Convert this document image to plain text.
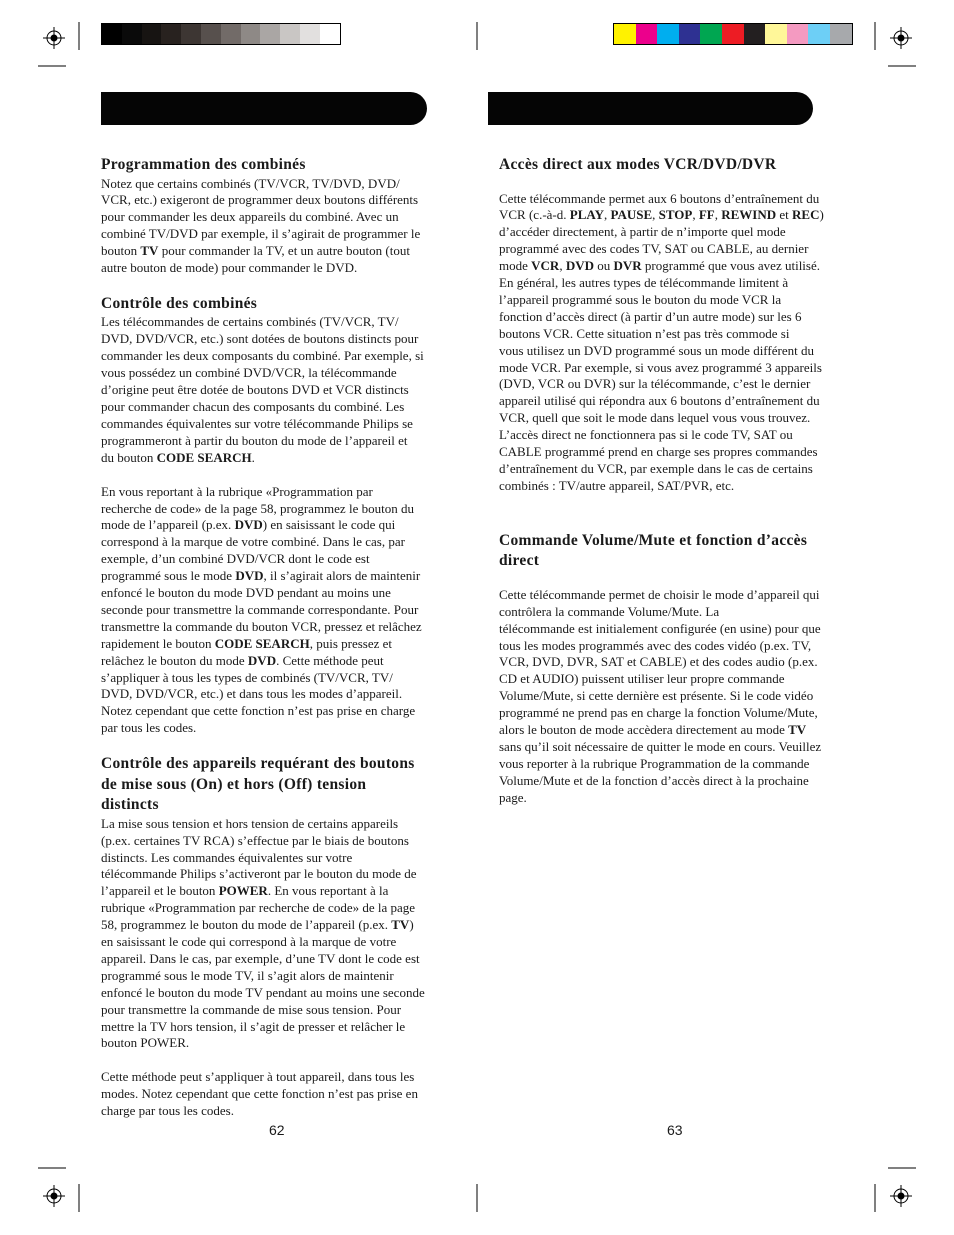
Programmation des combinés

Notez que certains combinés (TV/VCR, TV/DVD, DVD/

VCR, etc.) exigeront de programmer deux boutons différents

pour commander les deux appareils du combiné. Avec un

combiné TV/DVD par exemple, il s’agirait de programmer le

bouton TV pour commander la TV, et un autre bouton (tout

autre bouton de mode) pour commander le DVD.

Contrôle des combinés

Les télécommandes de certains combinés (TV/VCR, TV/

DVD, DVD/VCR, etc.) sont dotées de boutons distincts pour

commander les deux composants du combiné. Par exemple, si

vous possédez un combiné DVD/VCR, la télécommande

d’origine peut être dotée de boutons DVD et VCR distincts

pour commander chacun des composants du combiné. Les

commandes équivalentes sur votre télécommande Philips se

programmeront à partir du bouton du mode de l’appareil et

du bouton CODE SEARCH.

En vous reportant à la rubrique «Programmation par

recherche de code» de la page 58, programmez le bouton du

mode de l’appareil (p.ex. DVD) en saisissant le code qui

correspond à la marque de votre combiné. Dans le cas, par

exemple, d’un combiné DVD/VCR dont le code est

programmé sous le mode DVD, il s’agirait alors de maintenir

enfoncé le bouton du mode DVD pendant au moins une

seconde pour transmettre la commande correspondante. Pour

transmettre la commande du bouton VCR, pressez et relâchez

rapidement le bouton CODE SEARCH, puis pressez et

relâchez le bouton du mode DVD. Cette méthode peut

s’appliquer à tous les types de combinés (TV/VCR, TV/

DVD, DVD/VCR, etc.) et dans tous les modes d’appareil.

Notez cependant que cette fonction n’est pas prise en charge

par tous les codes.

Contrôle des appareils requérant des boutons
de mise sous (On) et hors (Off) tension
distincts

La mise sous tension et hors tension de certains appareils

(p.ex. certaines TV RCA) s’effectue par le biais de boutons

distincts. Les commandes équivalentes sur votre

télécommande Philips s’activeront par le bouton du mode de

l’appareil et le bouton POWER. En vous reportant à la

rubrique «Programmation par recherche de code» de la page

58, programmez le bouton du mode de l’appareil (p.ex. TV)

en saisissant le code qui correspond à la marque de votre

appareil. Dans le cas, par exemple, d’une TV dont le code est

programmé sous le mode TV, il s’agit alors de maintenir

enfoncé le bouton du mode TV pendant au moins une seconde

pour transmettre la commande de mise sous tension. Pour

mettre la TV hors tension, il s’agit de presser et relâcher le

bouton POWER.

Cette méthode peut s’appliquer à tout appareil, dans tous les

modes. Notez cependant que cette fonction n’est pas prise en

charge par tous les codes.

Accès direct aux modes VCR/DVD/DVR

Cette télécommande permet aux 6 boutons d’entraînement du

VCR (c.-à-d. PLAY, PAUSE, STOP, FF, REWIND et REC)

d’accéder directement, à partir de n’importe quel mode

programmé avec des codes TV, SAT ou CABLE, au dernier

mode VCR, DVD ou DVR programmé que vous avez utilisé.

En général, les autres types de télécommande limitent à

l’appareil programmé sous le bouton du mode VCR la

fonction d’accès direct (à partir d’un autre mode) sur les 6

boutons VCR. Cette situation n’est pas très commode si

vous utilisez un DVD programmé sous un mode différent du

mode VCR. Par exemple, si vous avez programmé 3 appareils

(DVD, VCR ou DVR) sur la télécommande, c’est le dernier

appareil utilisé qui répondra aux 6 boutons d’entraînement du

VCR, quell que soit le mode dans lequel vous vous trouvez.

L’accès direct ne fonctionnera pas si le code TV, SAT ou

CABLE programmé prend en charge ses propres commandes

d’entraînement du VCR, par exemple dans le cas de certains

combinés : TV/autre appareil, SAT/PVR, etc.

Commande Volume/Mute et fonction d’accès
direct

Cette télécommande permet de choisir le mode d’appareil qui

contrôlera la commande Volume/Mute. La

télécommande est initialement configurée (en usine) pour que

tous les modes programmés avec des codes vidéo (p.ex. TV,

VCR, DVD, DVR, SAT et CABLE) et des codes audio (p.ex.

CD et AUDIO) puissent utiliser leur propre commande

Volume/Mute, si cette dernière est présente. Si le code vidéo

programmé ne prend pas en charge la fonction Volume/Mute,

alors le bouton de mode accèdera directement au mode TV

sans qu’il soit nécessaire de quitter le mode en cours. Veuillez

vous reporter à la rubrique Programmation de la commande

Volume/Mute et de la fonction d’accès direct à la prochaine

page.

62	63
